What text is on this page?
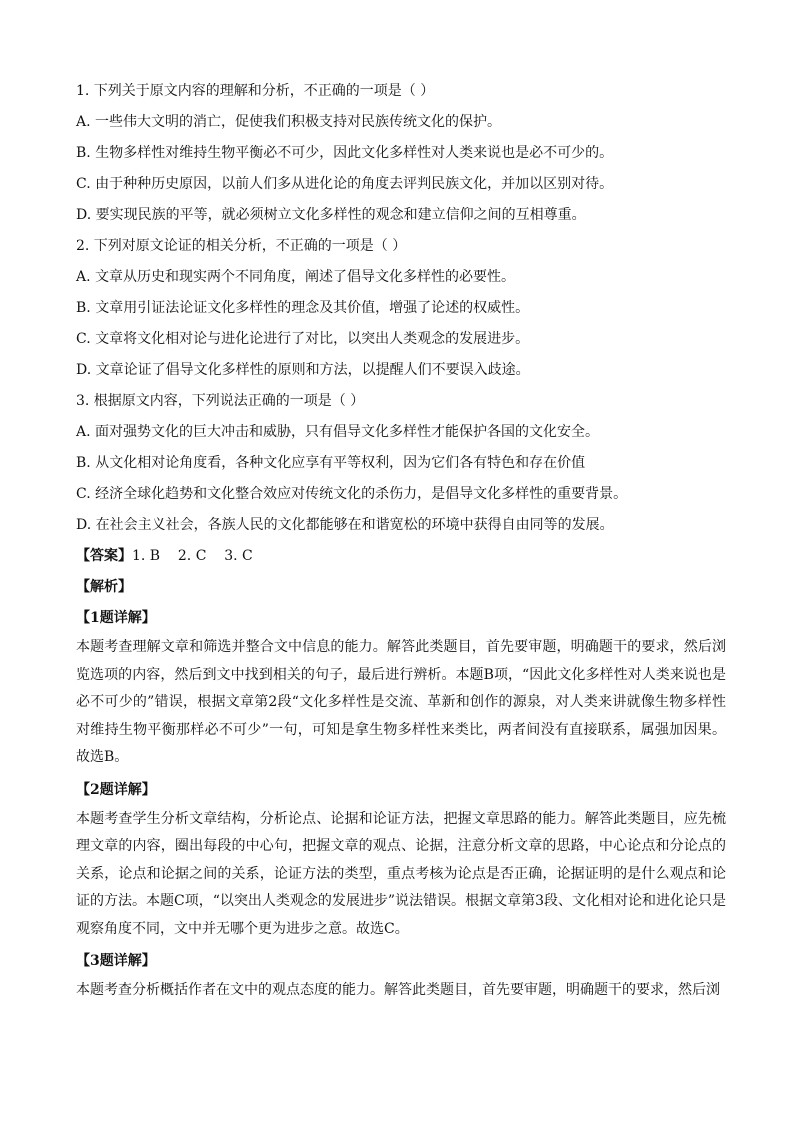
1. 下列关于原文内容的理解和分析，不正确的一项是（ ）
A. 一些伟大文明的消亡，促使我们积极支持对民族传统文化的保护。
B. 生物多样性对维持生物平衡必不可少，因此文化多样性对人类来说也是必不可少的。
C. 由于种种历史原因，以前人们多从进化论的角度去评判民族文化，并加以区别对待。
D. 要实现民族的平等，就必须树立文化多样性的观念和建立信仰之间的互相尊重。
2. 下列对原文论证的相关分析，不正确的一项是（ ）
A. 文章从历史和现实两个不同角度，阐述了倡导文化多样性的必要性。
B. 文章用引证法论证文化多样性的理念及其价值，增强了论述的权威性。
C. 文章将文化相对论与进化论进行了对比，以突出人类观念的发展进步。
D. 文章论证了倡导文化多样性的原则和方法，以提醒人们不要误入歧途。
3. 根据原文内容，下列说法正确的一项是（ ）
A. 面对强势文化的巨大冲击和威胁，只有倡导文化多样性才能保护各国的文化安全。
B. 从文化相对论角度看，各种文化应享有平等权利，因为它们各有特色和存在价值
C. 经济全球化趋势和文化整合效应对传统文化的杀伤力，是倡导文化多样性的重要背景。
D. 在社会主义社会，各族人民的文化都能够在和谐宽松的环境中获得自由同等的发展。
【答案】1. B    2. C    3. C
【解析】
【1题详解】
本题考查理解文章和筛选并整合文中信息的能力。解答此类题目，首先要审题，明确题干的要求，然后浏览选项的内容，然后到文中找到相关的句子，最后进行辨析。本题B项，“因此文化多样性对人类来说也是必不可少的”错误，根据文章第2段“文化多样性是交流、革新和创作的源泉，对人类来讲就像生物多样性对维持生物平衡那样必不可少”一句，可知是拿生物多样性来类比，两者间没有直接联系，属强加因果。故选B。
【2题详解】
本题考查学生分析文章结构，分析论点、论据和论证方法，把握文章思路的能力。解答此类题目，应先梳理文章的内容，圈出每段的中心句，把握文章的观点、论据，注意分析文章的思路，中心论点和分论点的关系，论点和论据之间的关系，论证方法的类型，重点考核为论点是否正确，论据证明的是什么观点和论证的方法。本题C项，“以突出人类观念的发展进步”说法错误。根据文章第3段、文化相对论和进化论只是观察角度不同，文中并无哪个更为进步之意。故选C。
【3题详解】
本题考查分析概括作者在文中的观点态度的能力。解答此类题目，首先要审题，明确题干的要求，然后浏
